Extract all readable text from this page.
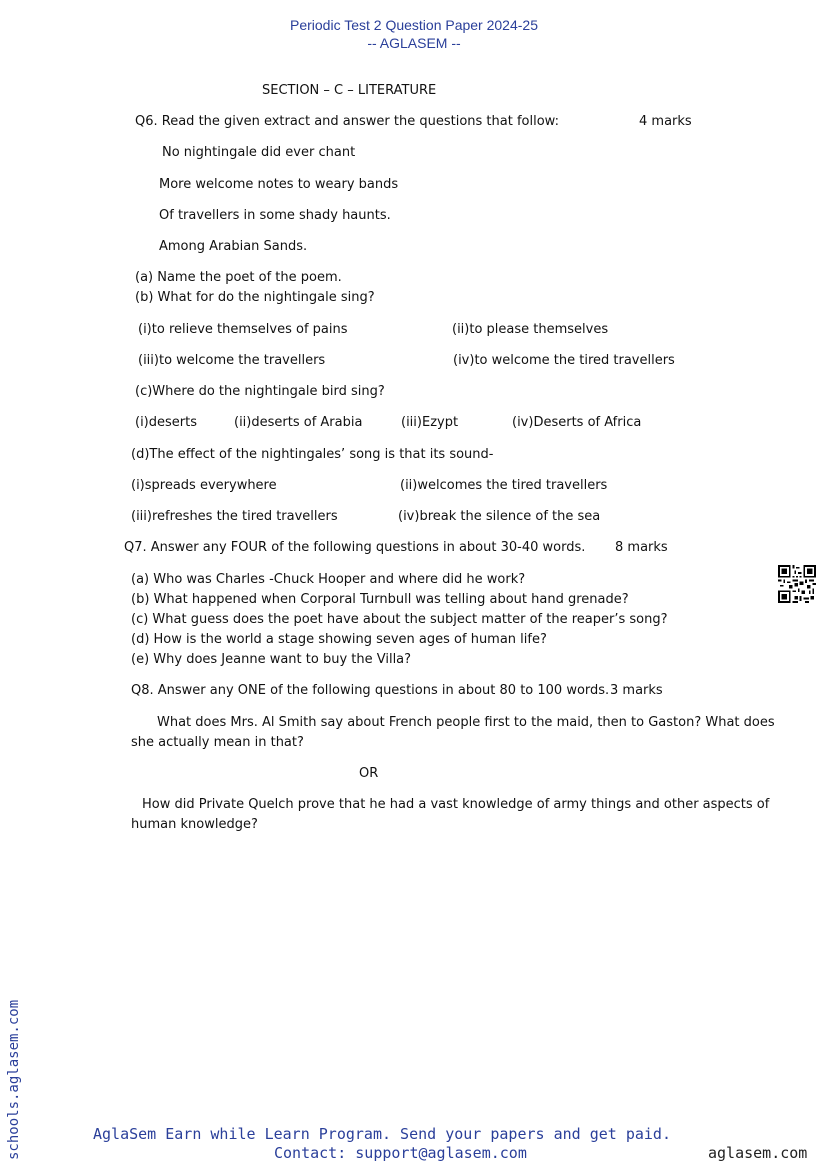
Periodic Test 2 Question Paper 2024-25
-- AGLASEM --
SECTION – C – LITERATURE
Q6. Read the given extract and answer the questions that follow:	4 marks
No nightingale did ever chant
More welcome notes to weary bands
Of travellers in some shady haunts.
Among Arabian Sands.
(a) Name the poet of the poem.
(b) What for do the nightingale sing?
(i)to relieve themselves of pains	(ii)to please themselves
(iii)to welcome the travellers	(iv)to welcome the tired travellers
(c)Where do the nightingale bird sing?
(i)deserts	(ii)deserts of Arabia	(iii)Ezypt	(iv)Deserts of Africa
(d)The effect of the nightingales’ song is that its sound-
(i)spreads everywhere	(ii)welcomes the tired travellers
(iii)refreshes the tired travellers	(iv)break the silence of the sea
Q7. Answer any FOUR of the following questions in about 30-40 words. 8 marks
(a) Who was Charles -Chuck Hooper and where did he work?
(b) What happened when Corporal Turnbull was telling about hand grenade?
(c) What guess does the poet have about the subject matter of the reaper’s song?
(d) How is the world a stage showing seven ages of human life?
(e) Why does Jeanne want to buy the Villa?
Q8. Answer any ONE of the following questions in about 80 to 100 words. 3 marks
What does Mrs. Al Smith say about French people first to the maid, then to Gaston? What does
she actually mean in that?
OR
How did Private Quelch prove that he had a vast knowledge of army things and other aspects of
human knowledge?
AglaSem Earn while Learn Program. Send your papers and get paid.
Contact: support@aglasem.com	aglasem.com
schools.aglasem.com
